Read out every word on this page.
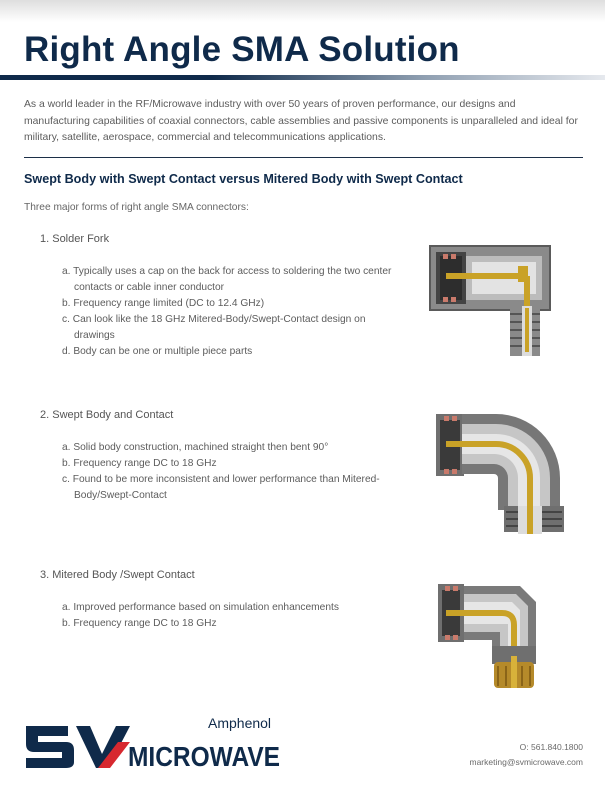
Right Angle SMA Solution
As a world leader in the RF/Microwave industry with over 50 years of proven performance, our designs and manufacturing capabilities of coaxial connectors, cable assemblies and passive components is unparalleled and ideal for military, satellite, aerospace, commercial and telecommunications applications.
Swept Body with Swept Contact versus Mitered Body with Swept Contact
Three major forms of right angle SMA connectors:
1. Solder Fork
a. Typically uses a cap on the back for access to soldering the two center contacts or cable inner conductor
b. Frequency range limited (DC to 12.4 GHz)
c. Can look like the 18 GHz Mitered-Body/Swept-Contact design on drawings
d. Body can be one or multiple piece parts
2. Swept Body and Contact
a. Solid body construction, machined straight then bent 90°
b. Frequency range DC to 18 GHz
c. Found to be more inconsistent and lower performance than Mitered-Body/Swept-Contact
3. Mitered Body /Swept Contact
a. Improved performance based on simulation enhancements
b. Frequency range DC to 18 GHz
Amphenol
MICROWAVE	O: 561.840.1800
marketing@svmicrowave.com
